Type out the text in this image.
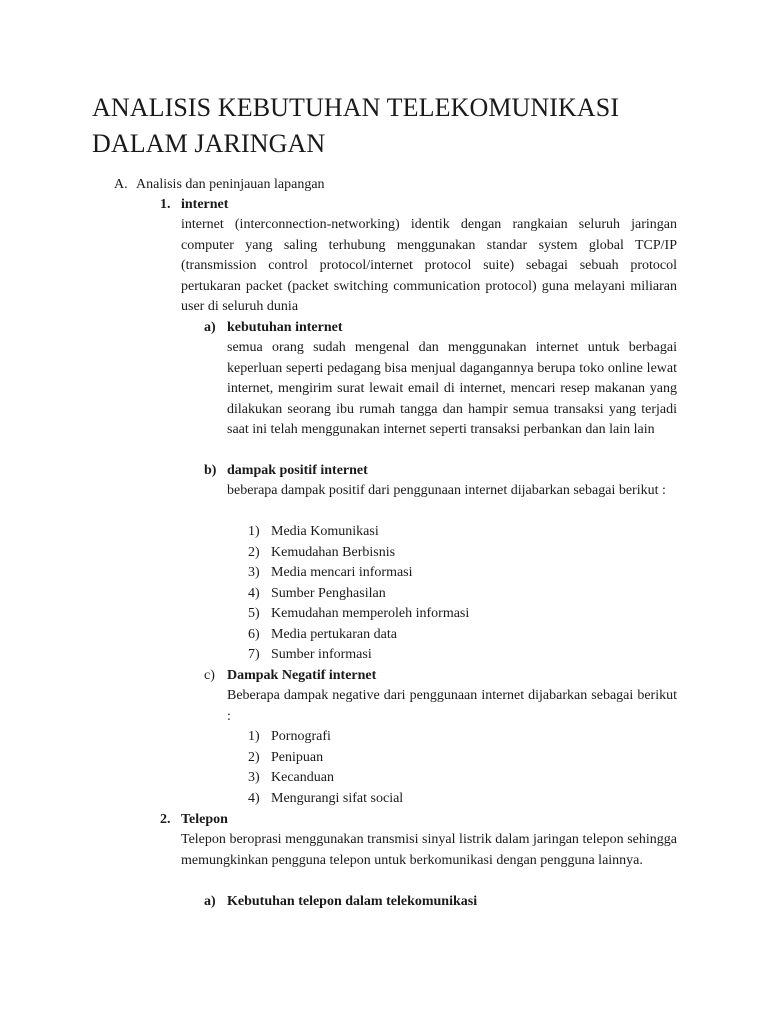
ANALISIS KEBUTUHAN TELEKOMUNIKASI DALAM JARINGAN
A. Analisis dan peninjauan lapangan
1. internet

internet (interconnection-networking) identik dengan rangkaian seluruh jaringan computer yang saling terhubung menggunakan standar system global TCP/IP (transmission control protocol/internet protocol suite) sebagai sebuah protocol pertukaran packet (packet switching communication protocol) guna melayani miliaran user di seluruh dunia

a) kebutuhan internet

semua orang sudah mengenal dan menggunakan internet untuk berbagai keperluan seperti pedagang bisa menjual dagangannya berupa toko online lewat internet, mengirim surat lewait email di internet, mencari resep makanan yang dilakukan seorang ibu rumah tangga dan hampir semua transaksi yang terjadi saat ini telah menggunakan internet seperti transaksi perbankan dan lain lain

b) dampak positif internet

beberapa dampak positif dari penggunaan internet dijabarkan sebagai berikut :

1) Media Komunikasi
2) Kemudahan Berbisnis
3) Media mencari informasi
4) Sumber Penghasilan
5) Kemudahan memperoleh informasi
6) Media pertukaran data
7) Sumber informasi
c) Dampak Negatif internet

Beberapa dampak negative dari penggunaan internet dijabarkan sebagai berikut :

1) Pornografi
2) Penipuan
3) Kecanduan
4) Mengurangi sifat social
2. Telepon

Telepon beroprasi menggunakan transmisi sinyal listrik dalam jaringan telepon sehingga memungkinkan pengguna telepon untuk berkomunikasi dengan pengguna lainnya.

a) Kebutuhan telepon dalam telekomunikasi
